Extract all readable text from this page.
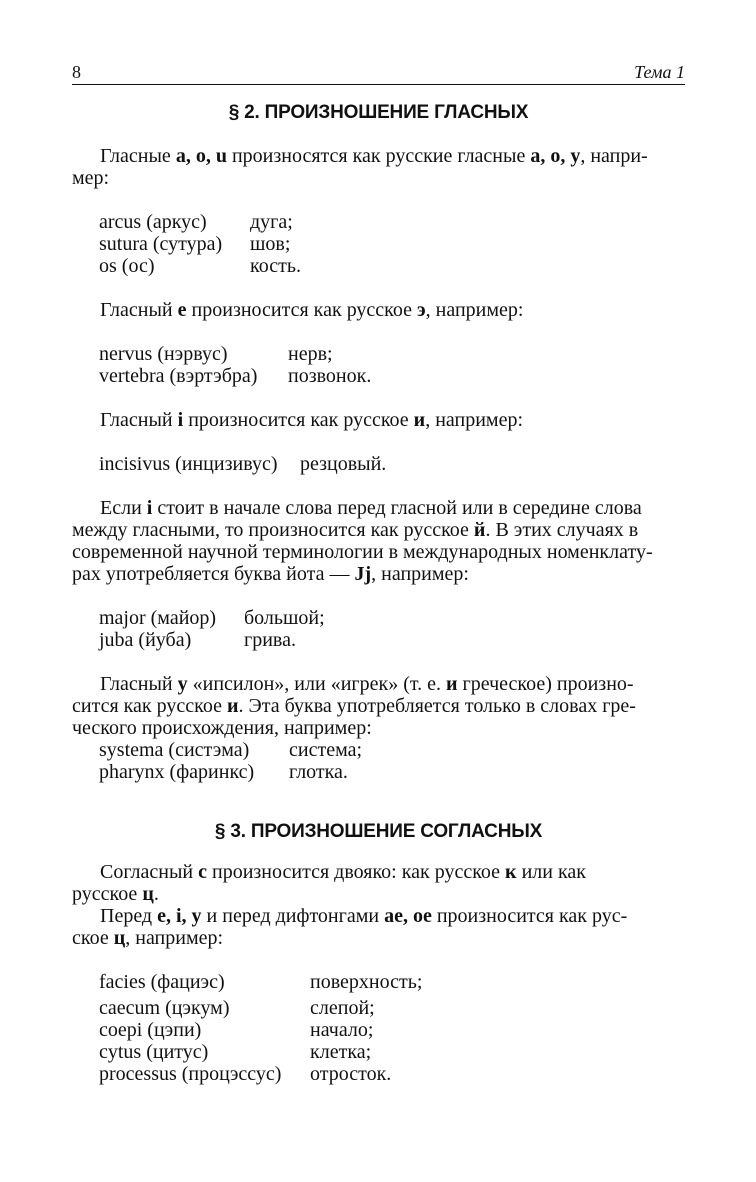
8	Тема 1
§ 2. ПРОИЗНОШЕНИЕ ГЛАСНЫХ

Гласные a, o, u произносятся как русские гласные а, о, у, напри-
мер:

arcus (аркус)	дуга;
sutura (сутура)	шов;
os (ос)	кость.

Гласный e произносится как русское э, например:

nervus (нэрвус)	нерв;
vertebra (вэртэбра)	позвонок.

Гласный i произносится как русское и, например:

incisivus (инцизивус)	резцовый.

Если i стоит в начале слова перед гласной или в середине слова
между гласными, то произносится как русское й. В этих случаях в
современной научной терминологии в международных номенклату-
рах употребляется буква йота — Jj, например:

major (майор)	большой;
juba (йуба)	грива.

Гласный y «ипсилон», или «игрек» (т. е. и греческое) произно-
сится как русское и. Эта буква употребляется только в словах гре-
ческого происхождения, например:

systema (систэма)	система;
pharynx (фаринкс)	глотка.
§ 3. ПРОИЗНОШЕНИЕ СОГЛАСНЫХ

Согласный c произносится двояко: как русское к или как
русское ц.

Перед e, i, y и перед дифтонгами ae, oe произносится как рус-
ское ц, например:

facies (фациэс)	поверхность;
caecum (цэкум)	слепой;
coepi (цэпи)	начало;
cytus (цитус)	клетка;
processus (процэссус)	отросток.
